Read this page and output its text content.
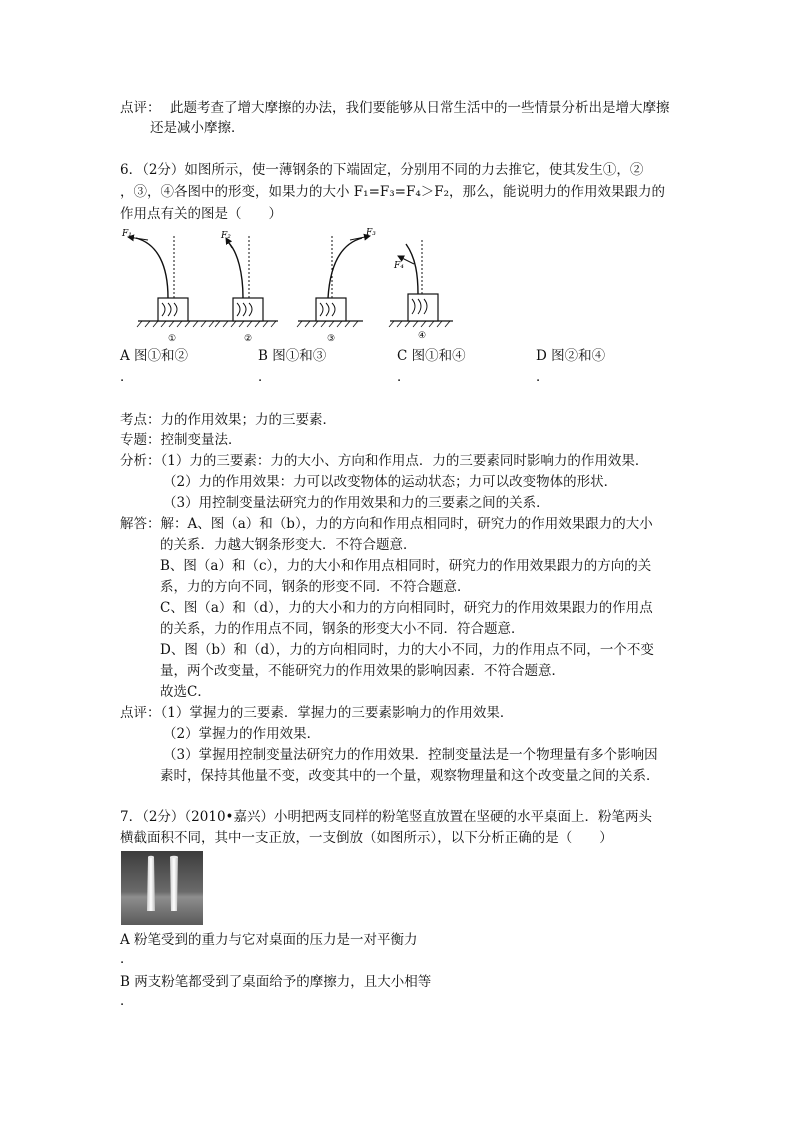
点评： 此题考查了增大摩擦的办法，我们要能够从日常生活中的一些情景分析出是增大摩擦
还是减小摩擦．
6．（2分）如图所示，使一薄钢条的下端固定，分别用不同的力去推它，使其发生①，②
，③，④各图中的形变，如果力的大小 F₁=F₃=F₄＞F₂，那么，能说明力的作用效果跟力的
作用点有关的图是（　　）
F₁
①
F₂
②
F₃
③
F₄
④
A 图①和②
．
B 图①和③
．
C 图①和④
．
D 图②和④
．
考点：力的作用效果；力的三要素．
专题：控制变量法．
分析：（1）力的三要素：力的大小、方向和作用点．力的三要素同时影响力的作用效果．
（2）力的作用效果：力可以改变物体的运动状态；力可以改变物体的形状．
（3）用控制变量法研究力的作用效果和力的三要素之间的关系．
解答：解：A、图（a）和（b），力的方向和作用点相同时，研究力的作用效果跟力的大小
的关系．力越大钢条形变大．不符合题意．
B、图（a）和（c），力的大小和作用点相同时，研究力的作用效果跟力的方向的关
系，力的方向不同，钢条的形变不同．不符合题意．
C、图（a）和（d），力的大小和力的方向相同时，研究力的作用效果跟力的作用点
的关系，力的作用点不同，钢条的形变大小不同．符合题意．
D、图（b）和（d），力的方向相同时，力的大小不同，力的作用点不同，一个不变
量，两个改变量，不能研究力的作用效果的影响因素．不符合题意．
故选C．
点评：（1）掌握力的三要素．掌握力的三要素影响力的作用效果．
（2）掌握力的作用效果．
（3）掌握用控制变量法研究力的作用效果．控制变量法是一个物理量有多个影响因
素时，保持其他量不变，改变其中的一个量，观察物理量和这个改变量之间的关系．
7．（2分）（2010•嘉兴）小明把两支同样的粉笔竖直放置在坚硬的水平桌面上．粉笔两头
横截面积不同，其中一支正放，一支倒放（如图所示），以下分析正确的是（　　）
A 粉笔受到的重力与它对桌面的压力是一对平衡力
．
B 两支粉笔都受到了桌面给予的摩擦力，且大小相等
．
